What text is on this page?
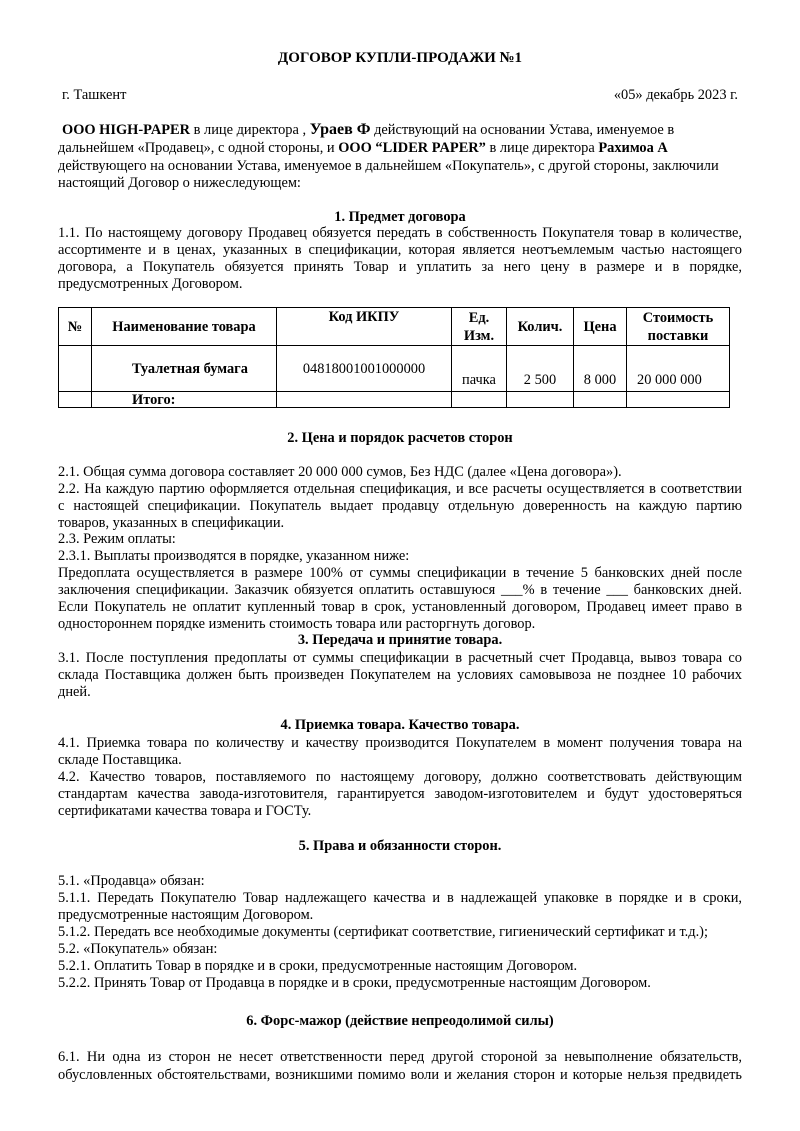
ДОГОВОР КУПЛИ-ПРОДАЖИ №1
г. Ташкент	«05» декабрь 2023 г.
OOO HIGH-PAPER в лице директора , Ураев Ф действующий на основании Устава, именуемое в
дальнейшем «Продавец», с одной стороны, и OOO “LIDER PAPER” в лице директора Рахимоа А
действующего на основании Устава, именуемое в дальнейшем «Покупатель», с другой стороны, заключили
настоящий Договор о нижеследующем:
1. Предмет договора
1.1. По настоящему договору Продавец обязуется передать в собственность Покупателя товар в количестве,
ассортименте и в ценах, указанных в спецификации, которая является неотъемлемым частью настоящего
договора, а Покупатель обязуется принять Товар и уплатить за него цену в размере и в порядке,
предусмотренных Договором.
№	Наименование товара	Код ИКПУ	Ед. Изм.	Колич.	Цена	Стоимость поставки
	Туалетная бумага	04818001001000000	пачка	2 500	8 000	20 000 000
	Итого:					
2. Цена и порядок расчетов сторон
2.1. Общая сумма договора составляет 20 000 000 сумов, Без НДС (далее «Цена договора»).
2.2. На каждую партию оформляется отдельная спецификация, и все расчеты осуществляется в соответствии
с настоящей спецификации. Покупатель выдает продавцу отдельную доверенность на каждую партию
товаров, указанных в спецификации.
2.3. Режим оплаты:
2.3.1. Выплаты производятся в порядке, указанном ниже:
Предоплата осуществляется в размере 100% от суммы спецификации в течение 5 банковских дней после
заключения спецификации. Заказчик обязуется оплатить оставшуюся ___% в течение ___ банковских дней.
Если Покупатель не оплатит купленный товар в срок, установленный договором, Продавец имеет право в
одностороннем порядке изменить стоимость товара или расторгнуть договор.
3. Передача и принятие товара.
3.1. После поступления предоплаты от суммы спецификации в расчетный счет Продавца, вывоз товара со
склада Поставщика должен быть произведен Покупателем на условиях самовывоза не позднее 10 рабочих
дней.
4. Приемка товара. Качество товара.
4.1. Приемка товара по количеству и качеству производится Покупателем в момент получения товара на
складе Поставщика.
4.2. Качество товаров, поставляемого по настоящему договору, должно соответствовать действующим
стандартам качества завода-изготовителя, гарантируется заводом-изготовителем и будут удостоверяться
сертификатами качества товара и ГОСТу.
5. Права и обязанности сторон.
5.1. «Продавца» обязан:
5.1.1. Передать Покупателю Товар надлежащего качества и в надлежащей упаковке в порядке и в сроки,
предусмотренные настоящим Договором.
5.1.2. Передать все необходимые документы (сертификат соответствие, гигиенический сертификат и т.д.);
5.2. «Покупатель» обязан:
5.2.1. Оплатить Товар в порядке и в сроки, предусмотренные настоящим Договором.
5.2.2. Принять Товар от Продавца в порядке и в сроки, предусмотренные настоящим Договором.
6. Форс-мажор (действие непреодолимой силы)
6.1. Ни одна из сторон не несет ответственности перед другой стороной за невыполнение обязательств,
обусловленных обстоятельствами, возникшими помимо воли и желания сторон и которые нельзя предвидеть
